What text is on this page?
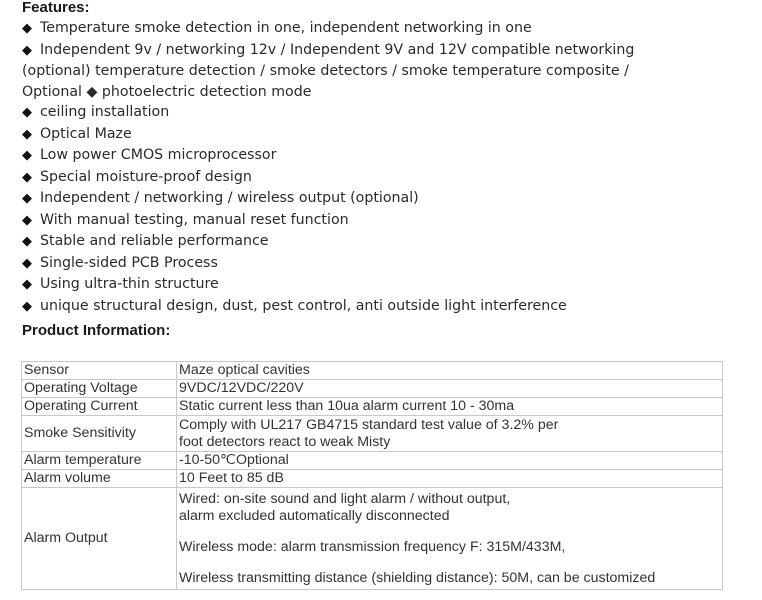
Features:
◆ Temperature smoke detection in one, independent networking in one
◆ Independent 9v / networking 12v / Independent 9V and 12V compatible networking
(optional) temperature detection / smoke detectors / smoke temperature composite /
Optional ◆ photoelectric detection mode
◆ ceiling installation
◆ Optical Maze
◆ Low power CMOS microprocessor
◆ Special moisture-proof design
◆ Independent / networking / wireless output (optional)
◆ With manual testing, manual reset function
◆ Stable and reliable performance
◆ Single-sided PCB Process
◆ Using ultra-thin structure
◆ unique structural design, dust, pest control, anti outside light interference
Product Information:
Sensor	Maze optical cavities

Operating Voltage	9VDC/12VDC/220V

Operating Current	Static current less than 10ua alarm current 10 - 30ma

Smoke Sensitivity	Comply with UL217 GB4715 standard test value of 3.2% per
foot detectors react to weak Misty

Alarm temperature	-10-50℃Optional

Alarm volume	10 Feet to 85 dB

Alarm Output	Wired: on-site sound and light alarm / without output,
alarm excluded automatically disconnected
Wireless mode: alarm transmission frequency F: 315M/433M,
Wireless transmitting distance (shielding distance): 50M, can be customized
